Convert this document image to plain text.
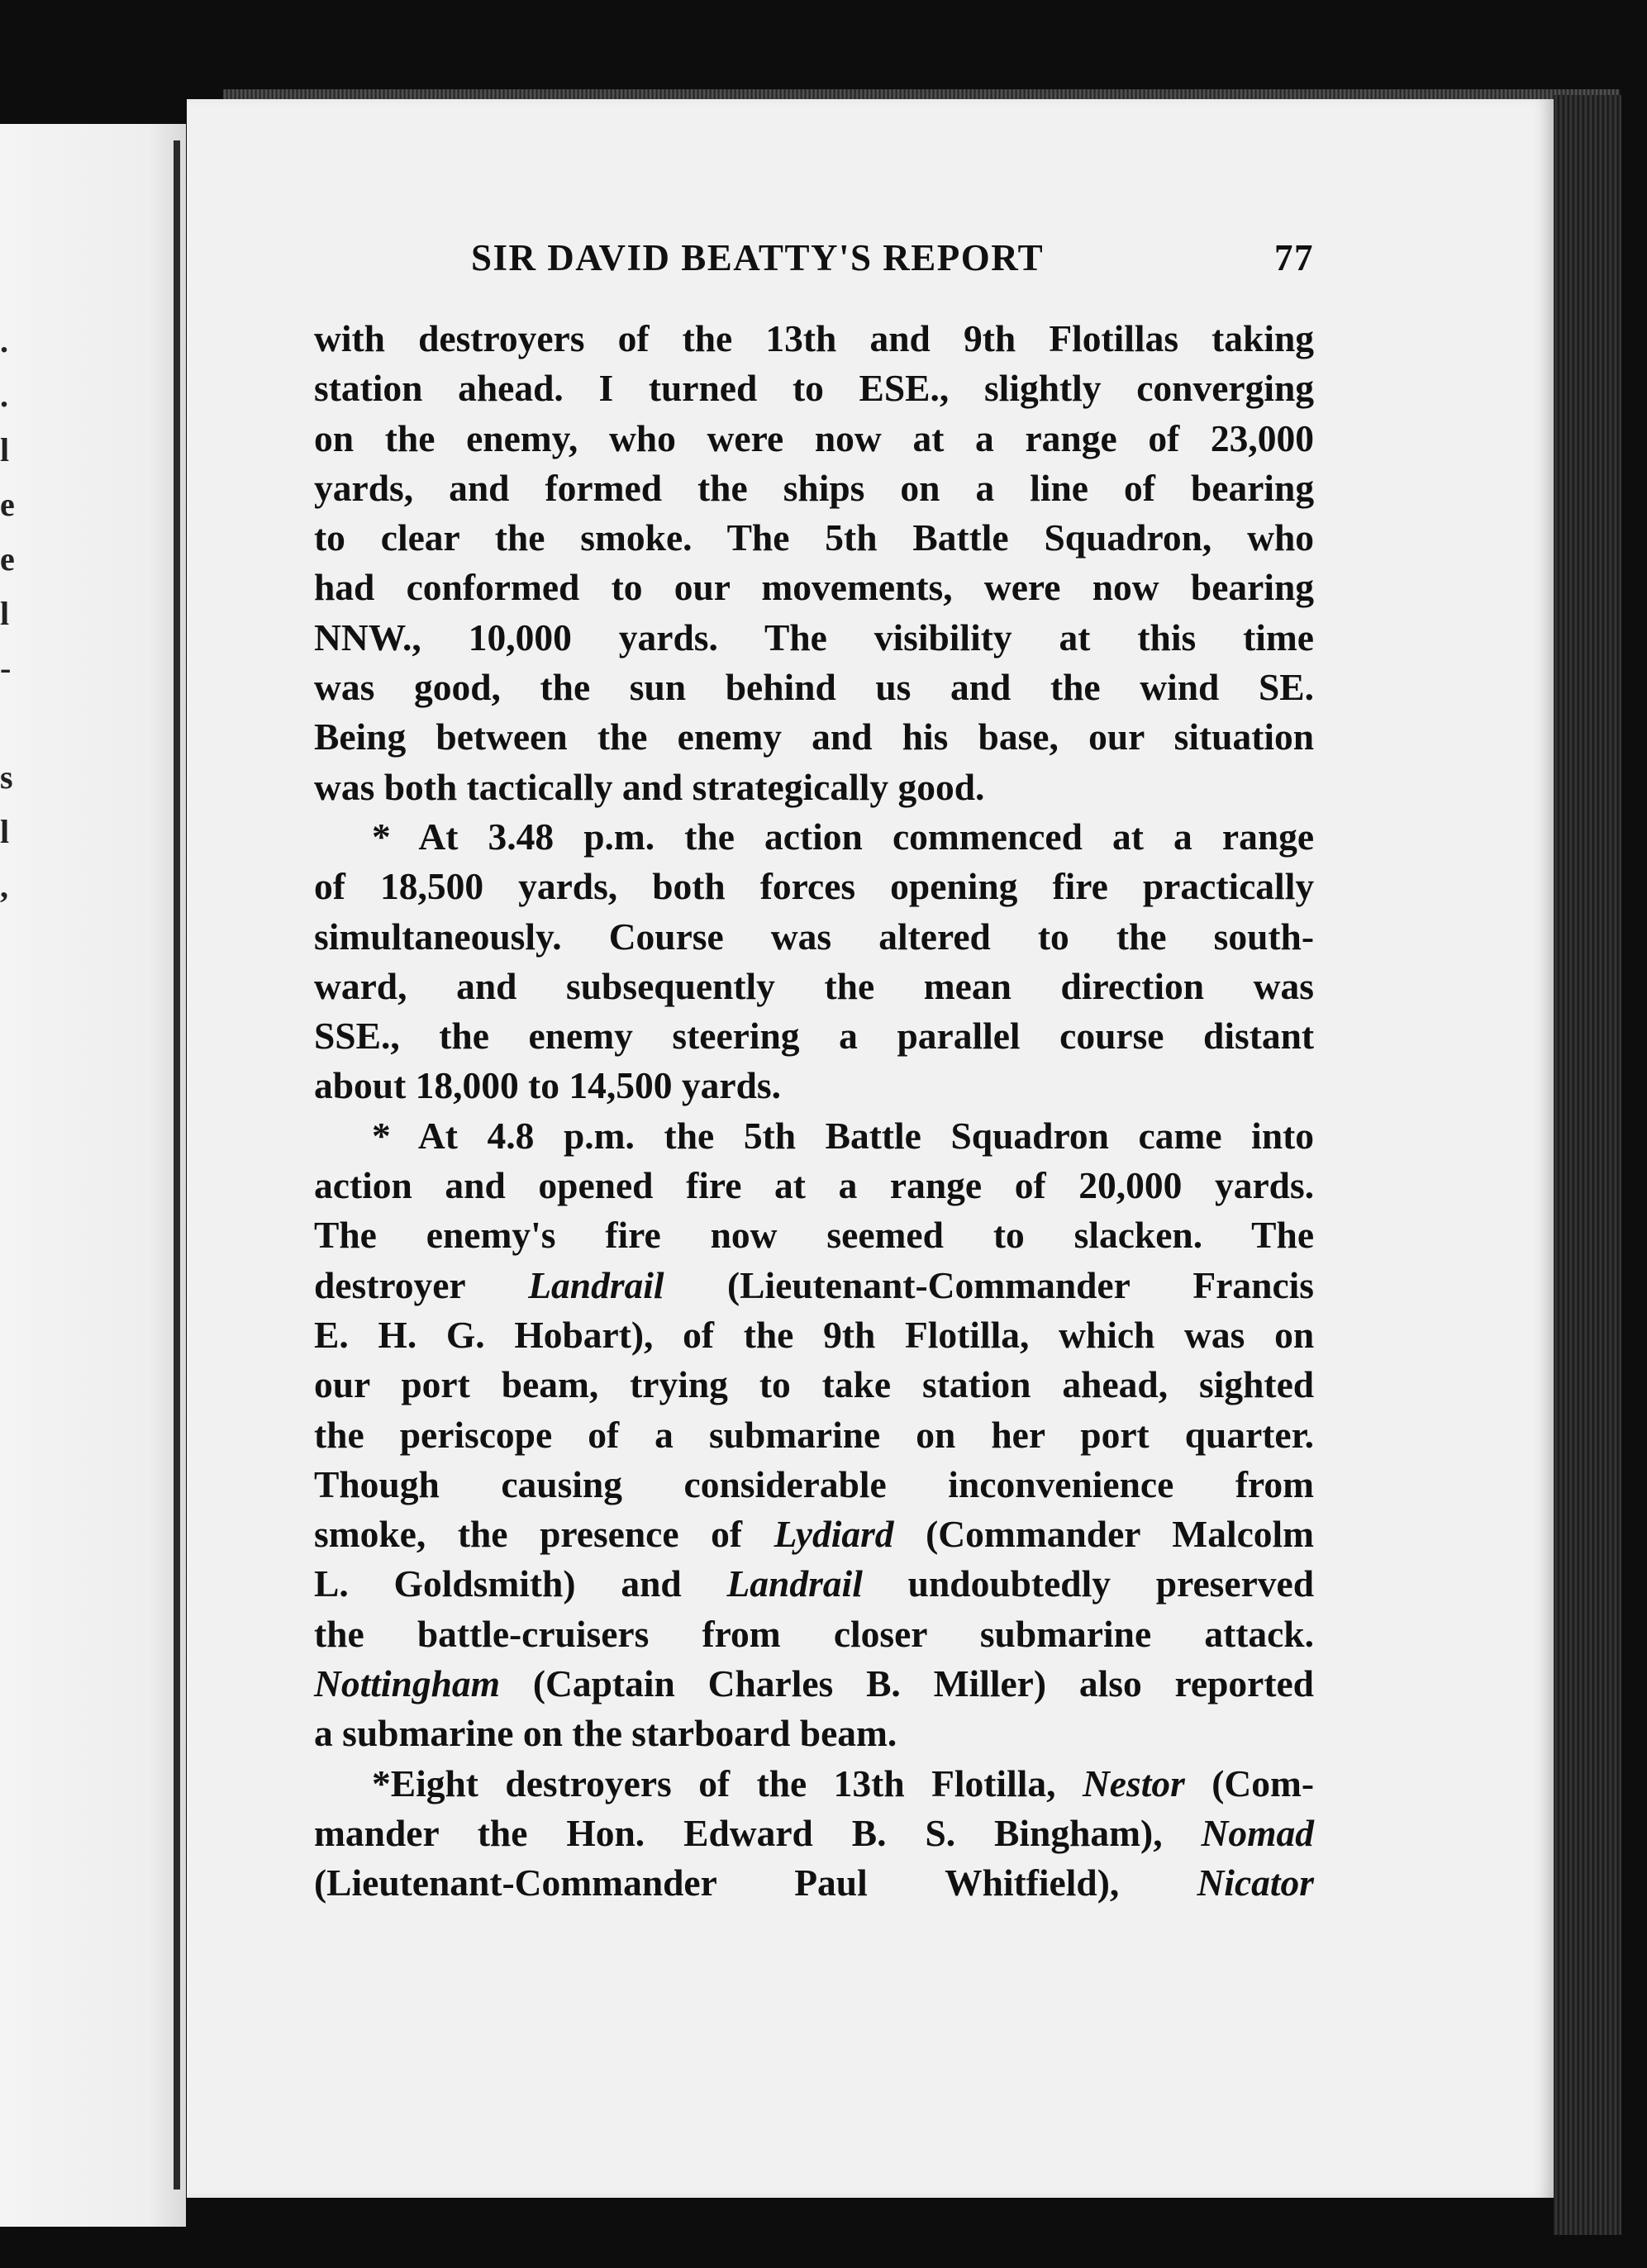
.
.
l
e
e
l
-
s
l
,
SIR DAVID BEATTY'S REPORT	77
with destroyers of the 13th and 9th Flotillas taking
station ahead. I turned to ESE., slightly converging
on the enemy, who were now at a range of 23,000
yards, and formed the ships on a line of bearing
to clear the smoke. The 5th Battle Squadron, who
had conformed to our movements, were now bearing
NNW., 10,000 yards. The visibility at this time
was good, the sun behind us and the wind SE.
Being between the enemy and his base, our situation
was both tactically and strategically good.
* At 3.48 p.m. the action commenced at a range
of 18,500 yards, both forces opening fire practically
simultaneously. Course was altered to the south-
ward, and subsequently the mean direction was
SSE., the enemy steering a parallel course distant
about 18,000 to 14,500 yards.
* At 4.8 p.m. the 5th Battle Squadron came into
action and opened fire at a range of 20,000 yards.
The enemy's fire now seemed to slacken. The
destroyer Landrail (Lieutenant-Commander Francis
E. H. G. Hobart), of the 9th Flotilla, which was on
our port beam, trying to take station ahead, sighted
the periscope of a submarine on her port quarter.
Though causing considerable inconvenience from
smoke, the presence of Lydiard (Commander Malcolm
L. Goldsmith) and Landrail undoubtedly preserved
the battle-cruisers from closer submarine attack.
Nottingham (Captain Charles B. Miller) also reported
a submarine on the starboard beam.
*Eight destroyers of the 13th Flotilla, Nestor (Com-
mander the Hon. Edward B. S. Bingham), Nomad
(Lieutenant-Commander Paul Whitfield), Nicator
